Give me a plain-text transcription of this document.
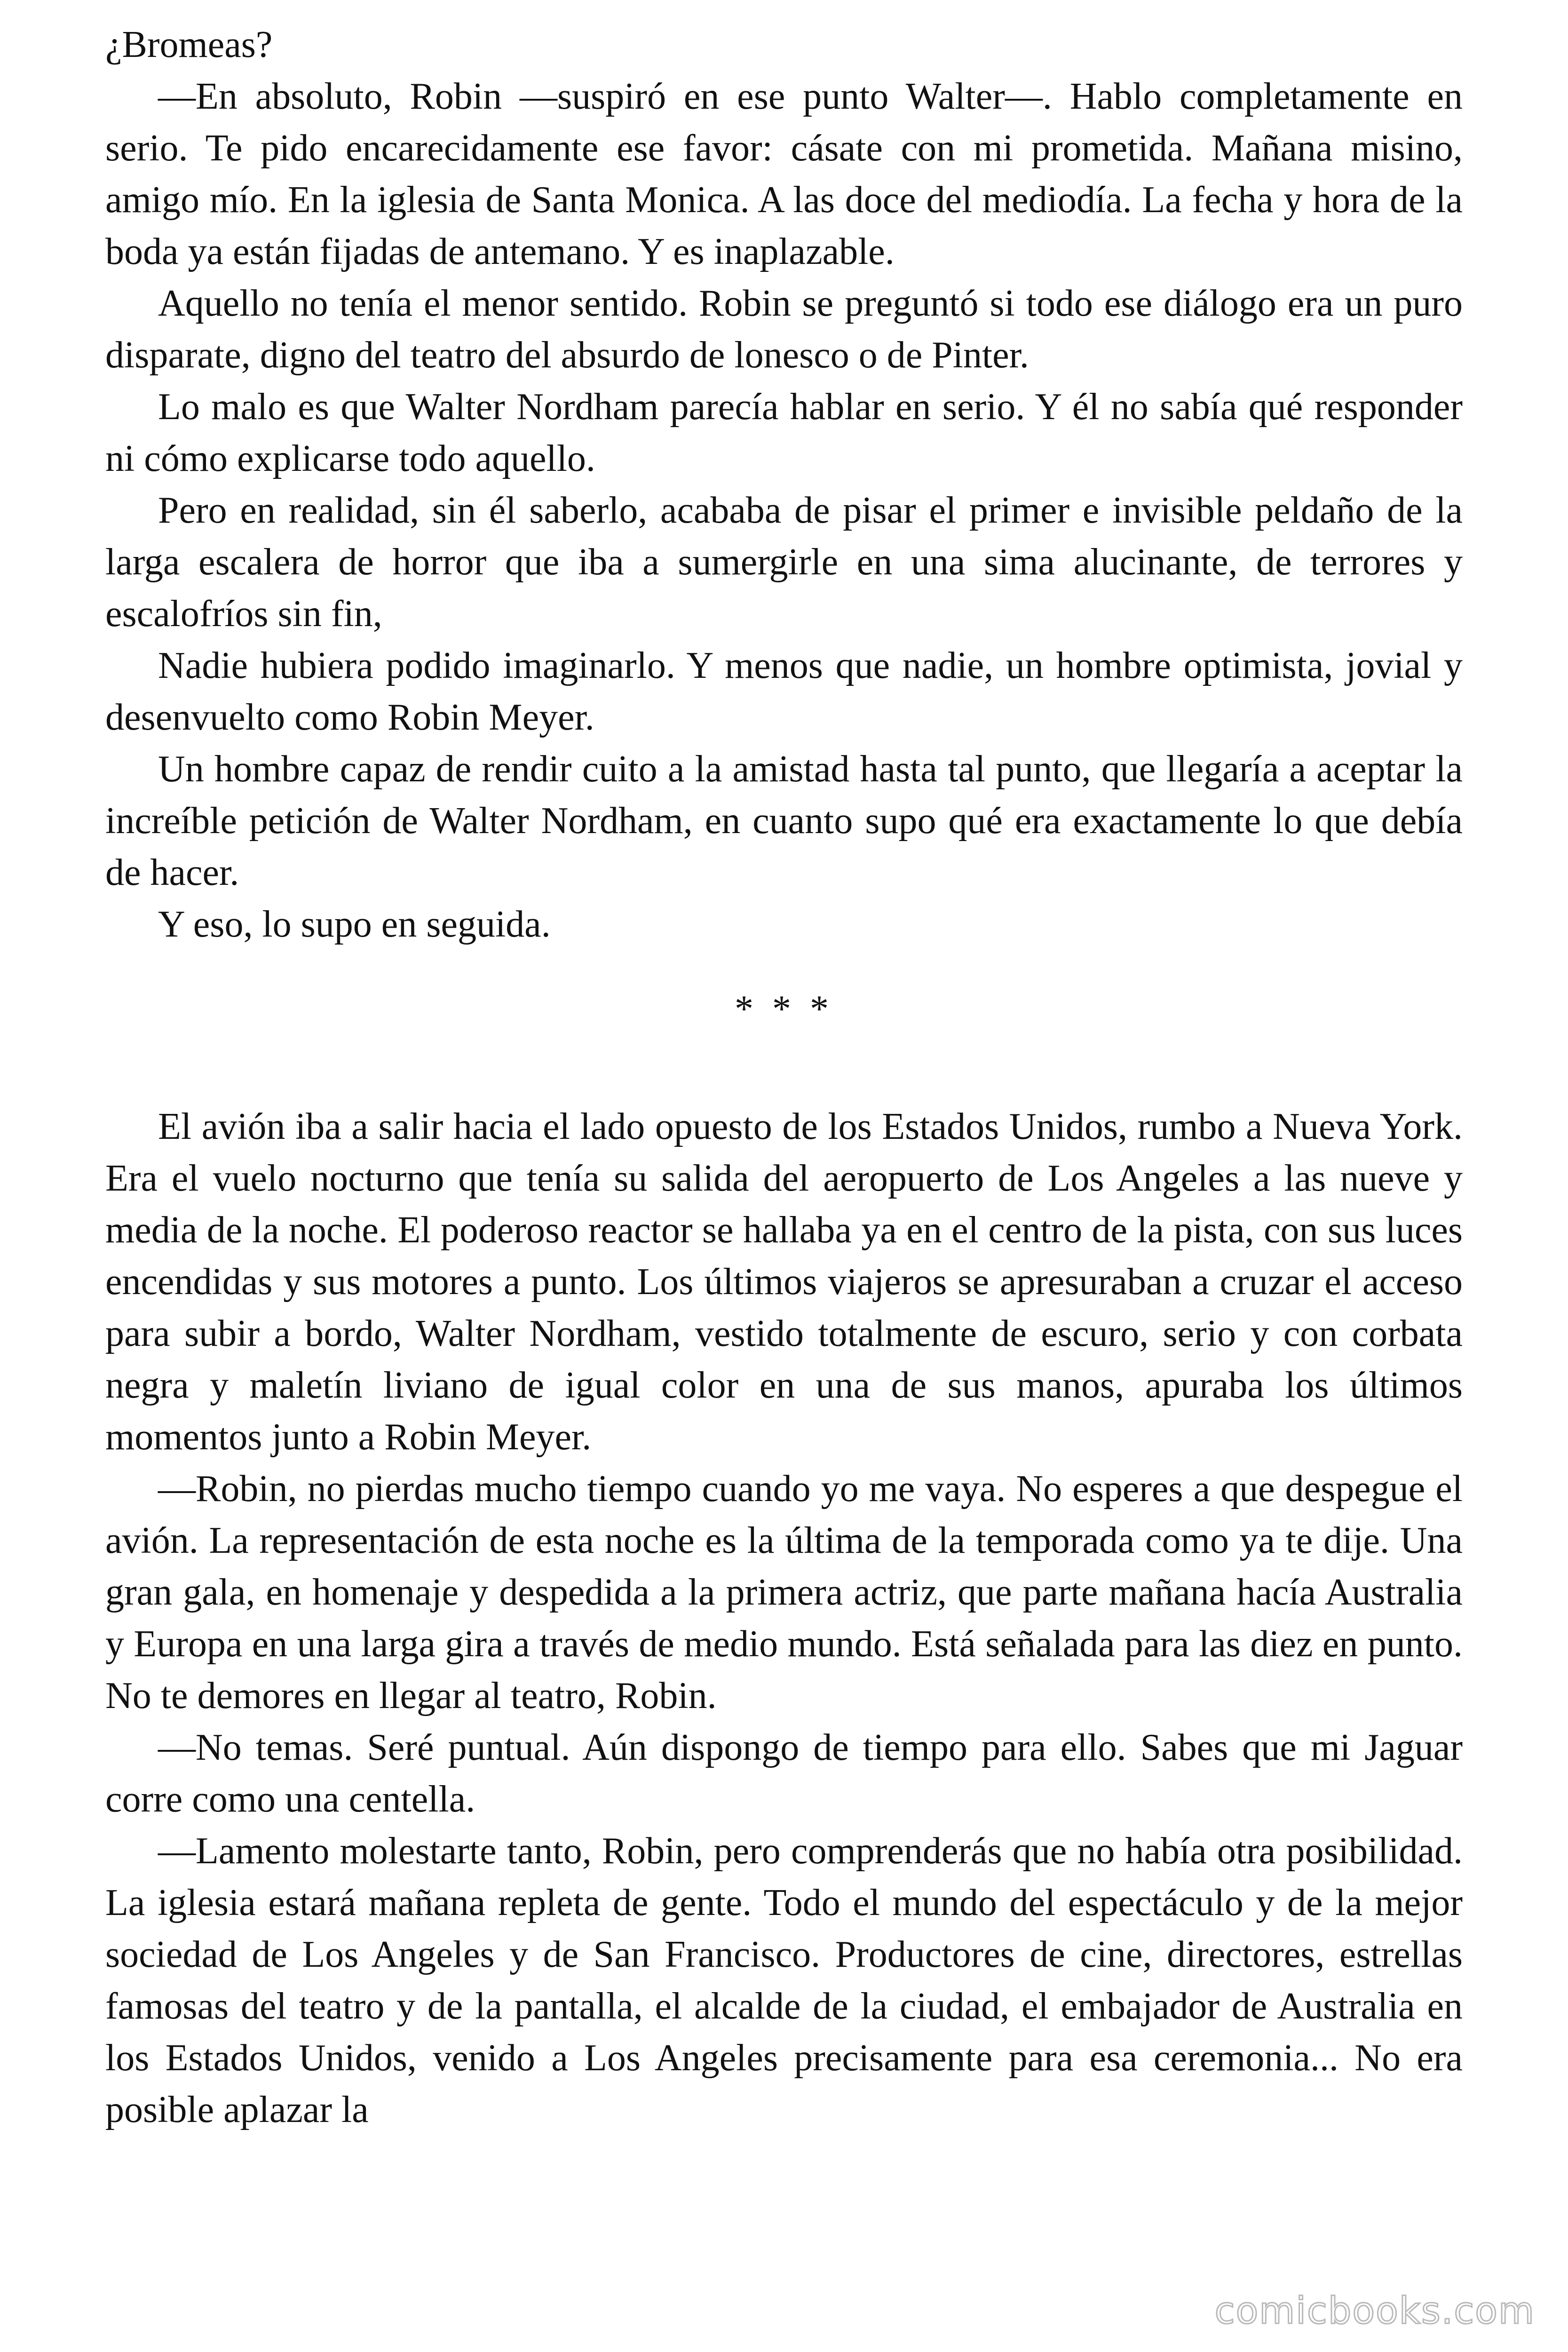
¿Bromeas?

—En absoluto, Robin —suspiró en ese punto Walter—. Hablo completamente en serio. Te pido encarecidamente ese favor: cásate con mi prometida. Mañana misino, amigo mío. En la iglesia de Santa Monica. A las doce del mediodía. La fecha y hora de la boda ya están fijadas de antemano. Y es inaplazable.

Aquello no tenía el menor sentido. Robin se preguntó si todo ese diálogo era un puro disparate, digno del teatro del absurdo de lonesco o de Pinter.

Lo malo es que Walter Nordham parecía hablar en serio. Y él no sabía qué responder ni cómo explicarse todo aquello.

Pero en realidad, sin él saberlo, acababa de pisar el primer e invisible peldaño de la larga escalera de horror que iba a sumergirle en una sima alucinante, de terrores y escalofríos sin fin,

Nadie hubiera podido imaginarlo. Y menos que nadie, un hombre optimista, jovial y desenvuelto como Robin Meyer.

Un hombre capaz de rendir cuito a la amistad hasta tal punto, que llegaría a aceptar la increíble petición de Walter Nordham, en cuanto supo qué era exactamente lo que debía de hacer.

Y eso, lo supo en seguida.

* * *

El avión iba a salir hacia el lado opuesto de los Estados Unidos, rumbo a Nueva York. Era el vuelo nocturno que tenía su salida del aeropuerto de Los Angeles a las nueve y media de la noche. El poderoso reactor se hallaba ya en el centro de la pista, con sus luces encendidas y sus motores a punto. Los últimos viajeros se apresuraban a cruzar el acceso para subir a bordo, Walter Nordham, vestido totalmente de escuro, serio y con corbata negra y maletín liviano de igual color en una de sus manos, apuraba los últimos momentos junto a Robin Meyer.

—Robin, no pierdas mucho tiempo cuando yo me vaya. No esperes a que despegue el avión. La representación de esta noche es la última de la temporada como ya te dije. Una gran gala, en homenaje y despedida a la primera actriz, que parte mañana hacía Australia y Europa en una larga gira a través de medio mundo. Está señalada para las diez en punto. No te demores en llegar al teatro, Robin.

—No temas. Seré puntual. Aún dispongo de tiempo para ello. Sabes que mi Jaguar corre como una centella.

—Lamento molestarte tanto, Robin, pero comprenderás que no había otra posibilidad. La iglesia estará mañana repleta de gente. Todo el mundo del espectáculo y de la mejor sociedad de Los Angeles y de San Francisco. Productores de cine, directores, estrellas famosas del teatro y de la pantalla, el alcalde de la ciudad, el embajador de Australia en los Estados Unidos, venido a Los Angeles precisamente para esa ceremonia... No era posible aplazar la

comicbooks.com
